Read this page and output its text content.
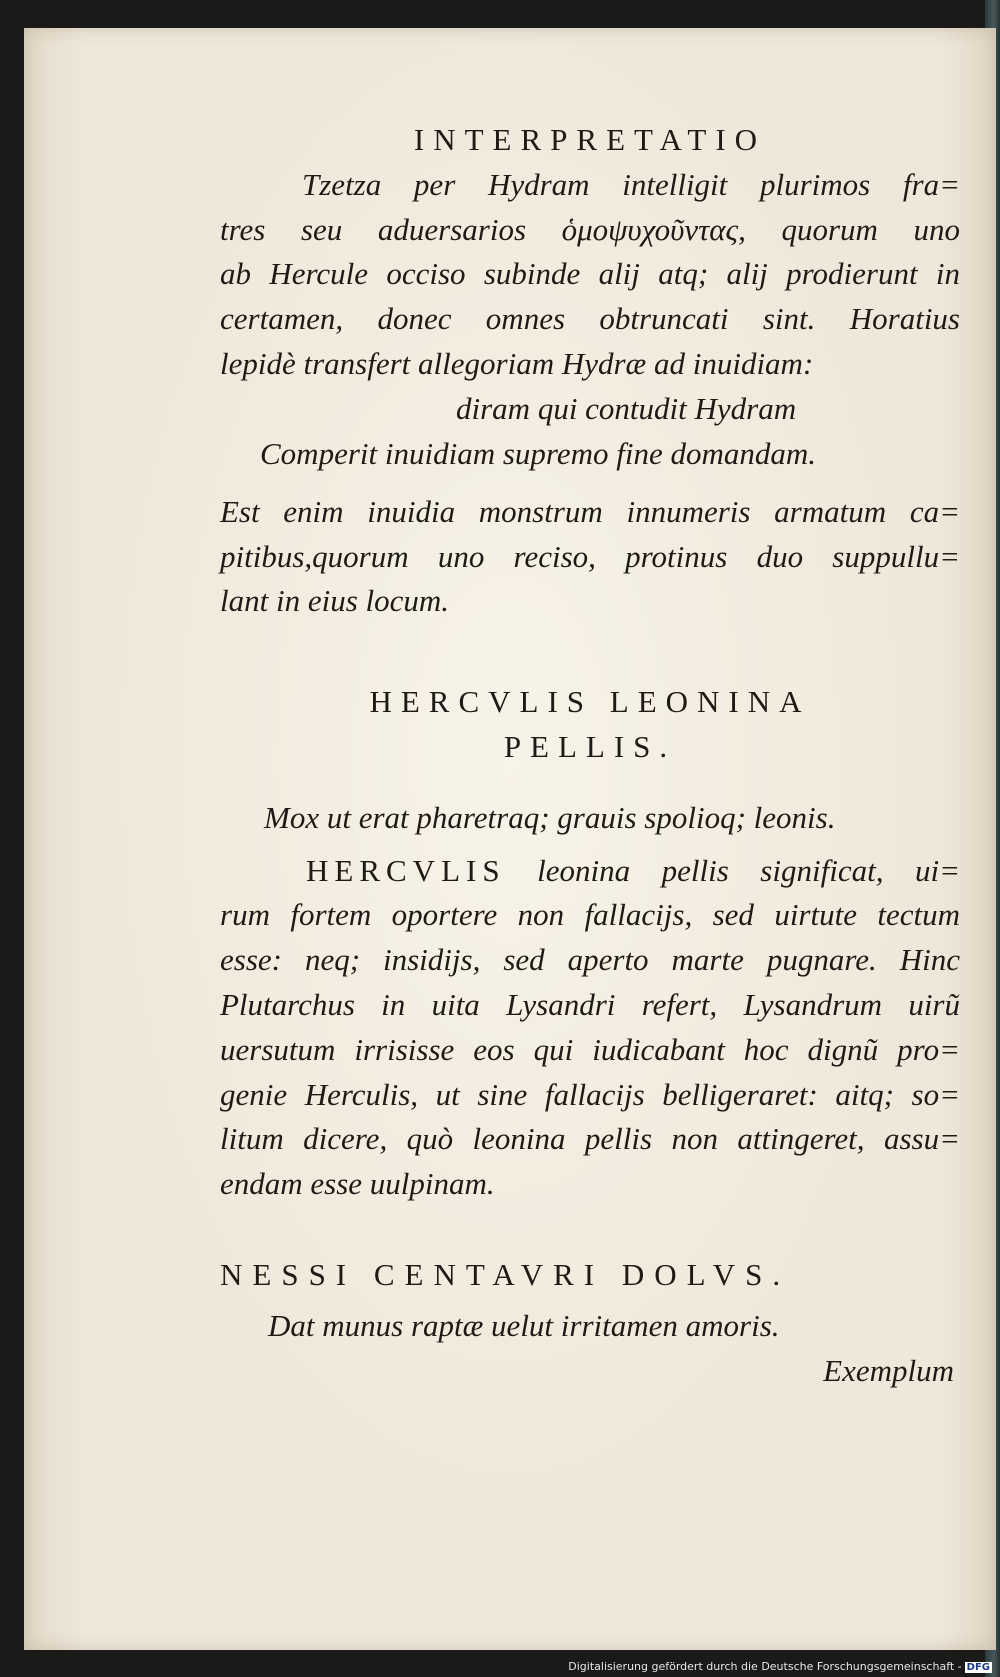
INTERPRETATIO
Tzetza per Hydram intelligit plurimos fra=
tres seu aduersarios ὁμοψυχοῦντας, quorum uno
ab Hercule occiso subinde alij atq; alij prodierunt in
certamen, donec omnes obtruncati sint. Horatius
lepidè transfert allegoriam Hydræ ad inuidiam:
diram qui contudit Hydram
Comperit inuidiam supremo fine domandam.
Est enim inuidia monstrum innumeris armatum ca=
pitibus,quorum uno reciso, protinus duo suppullu=
lant in eius locum.
HERCVLIS LEONINA
PELLIS.
Mox ut erat pharetraq; grauis spolioq; leonis.
HERCVLIS leonina pellis significat, ui=
rum fortem oportere non fallacijs, sed uirtute tectum
esse: neq; insidijs, sed aperto marte pugnare. Hinc
Plutarchus in uita Lysandri refert, Lysandrum uirũ
uersutum irrisisse eos qui iudicabant hoc dignũ pro=
genie Herculis, ut sine fallacijs belligeraret: aitq; so=
litum dicere, quò leonina pellis non attingeret, assu=
endam esse uulpinam.
NESSI CENTAVRI DOLVS.
Dat munus raptæ uelut irritamen amoris.
Exemplum
Digitalisierung gefördert durch die Deutsche Forschungsgemeinschaft - DFG
